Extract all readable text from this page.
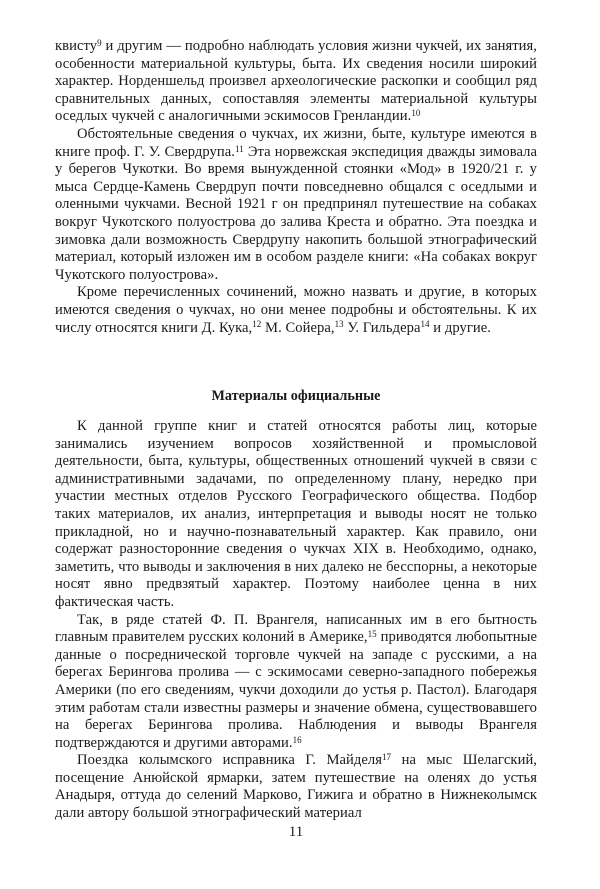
квисту$^9$ и другим — подробно наблюдать условия жизни чукчей, их занятия, особенности материальной культуры, быта. Их сведения носили широкий характер. Норденшельд произвел археологические раскопки и сообщил ряд сравнительных данных, сопоставляя элементы материальной культуры оседлых чукчей с аналогичными эскимосов Гренландии.$^{10}$

Обстоятельные сведения о чукчах, их жизни, быте, культуре имеются в книге проф. Г. У. Свердрупа.$^{11}$ Эта норвежская экспедиция дважды зимовала у берегов Чукотки. Во время вынужденной стоянки «Мод» в 1920/21 г. у мыса Сердце-Камень Свердруп почти повседневно общался с оседлыми и оленными чукчами. Весной 1921 г он предпринял путешествие на собаках вокруг Чукотского полуострова до залива Креста и обратно. Эта поездка и зимовка дали возможность Свердрупу накопить большой этнографический материал, который изложен им в особом разделе книги: «На собаках вокруг Чукотского полуострова».

Кроме перечисленных сочинений, можно назвать и другие, в которых имеются сведения о чукчах, но они менее подробны и обстоятельны. К их числу относятся книги Д. Кука,$^{12}$ М. Сойера,$^{13}$ У. Гильдера$^{14}$ и другие.

Материалы официальные

К данной группе книг и статей относятся работы лиц, которые занимались изучением вопросов хозяйственной и промысловой деятельности, быта, культуры, общественных отношений чукчей в связи с административными задачами, по определенному плану, нередко при участии местных отделов Русского Географического общества. Подбор таких материалов, их анализ, интерпретация и выводы носят не только прикладной, но и научно-познавательный характер. Как правило, они содержат разносторонние сведения о чукчах XIX в. Необходимо, однако, заметить, что выводы и заключения в них далеко не бесспорны, а некоторые носят явно предвзятый характер. Поэтому наиболее ценна в них фактическая часть.

Так, в ряде статей Ф. П. Врангеля, написанных им в его бытность главным правителем русских колоний в Америке,$^{15}$ приводятся любопытные данные о посреднической торговле чукчей на западе с русскими, а на берегах Берингова пролива — с эскимосами северно-западного побережья Америки (по его сведениям, чукчи доходили до устья р. Пастол). Благодаря этим работам стали известны размеры и значение обмена, существовавшего на берегах Берингова пролива. Наблюдения и выводы Врангеля подтверждаются и другими авторами.$^{16}$

Поездка колымского исправника Г. Майделя$^{17}$ на мыс Шелагский, посещение Анюйской ярмарки, затем путешествие на оленях до устья Анадыря, оттуда до селений Марково, Гижига и обратно в Нижнеколымск дали автору большой этнографический материал

11
